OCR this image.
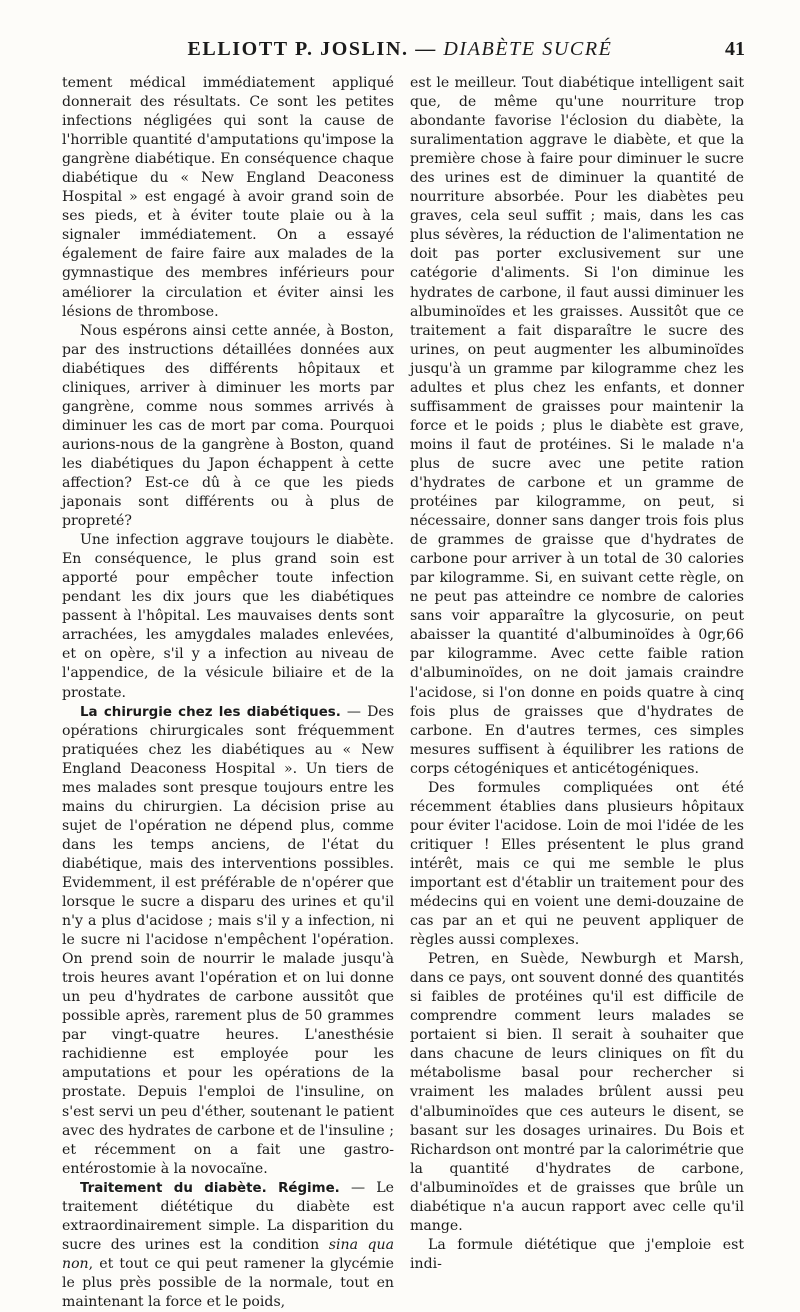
ELLIOTT P. JOSLIN. — DIABÈTE SUCRÉ	41

tement médical immédiatement appliqué donnerait des résultats. Ce sont les petites infections négligées qui sont la cause de l'horrible quantité d'amputations qu'impose la gangrène diabétique. En conséquence chaque diabétique du « New England Deaconess Hospital » est engagé à avoir grand soin de ses pieds, et à éviter toute plaie ou à la signaler immédiatement. On a essayé également de faire faire aux malades de la gymnastique des membres inférieurs pour améliorer la circulation et éviter ainsi les lésions de thrombose.

Nous espérons ainsi cette année, à Boston, par des instructions détaillées données aux diabétiques des différents hôpitaux et cliniques, arriver à diminuer les morts par gangrène, comme nous sommes arrivés à diminuer les cas de mort par coma. Pourquoi aurions-nous de la gangrène à Boston, quand les diabétiques du Japon échappent à cette affection? Est-ce dû à ce que les pieds japonais sont différents ou à plus de propreté?

Une infection aggrave toujours le diabète. En conséquence, le plus grand soin est apporté pour empêcher toute infection pendant les dix jours que les diabétiques passent à l'hôpital. Les mauvaises dents sont arrachées, les amygdales malades enlevées, et on opère, s'il y a infection au niveau de l'appendice, de la vésicule biliaire et de la prostate.

La chirurgie chez les diabétiques. — Des opérations chirurgicales sont fréquemment pratiquées chez les diabétiques au « New England Deaconess Hospital ». Un tiers de mes malades sont presque toujours entre les mains du chirurgien. La décision prise au sujet de l'opération ne dépend plus, comme dans les temps anciens, de l'état du diabétique, mais des interventions possibles. Evidemment, il est préférable de n'opérer que lorsque le sucre a disparu des urines et qu'il n'y a plus d'acidose ; mais s'il y a infection, ni le sucre ni l'acidose n'empêchent l'opération. On prend soin de nourrir le malade jusqu'à trois heures avant l'opération et on lui donne un peu d'hydrates de carbone aussitôt que possible après, rarement plus de 50 grammes par vingt-quatre heures. L'anesthésie rachidienne est employée pour les amputations et pour les opérations de la prostate. Depuis l'emploi de l'insuline, on s'est servi un peu d'éther, soutenant le patient avec des hydrates de carbone et de l'insuline ; et récemment on a fait une gastro-entérostomie à la novocaïne.

Traitement du diabète. Régime. — Le traitement diététique du diabète est extraordinairement simple. La disparition du sucre des urines est la condition sina qua non, et tout ce qui peut ramener la glycémie le plus près possible de la normale, tout en maintenant la force et le poids,

est le meilleur. Tout diabétique intelligent sait que, de même qu'une nourriture trop abondante favorise l'éclosion du diabète, la suralimentation aggrave le diabète, et que la première chose à faire pour diminuer le sucre des urines est de diminuer la quantité de nourriture absorbée. Pour les diabètes peu graves, cela seul suffit ; mais, dans les cas plus sévères, la réduction de l'alimentation ne doit pas porter exclusivement sur une catégorie d'aliments. Si l'on diminue les hydrates de carbone, il faut aussi diminuer les albuminoïdes et les graisses. Aussitôt que ce traitement a fait disparaître le sucre des urines, on peut augmenter les albuminoïdes jusqu'à un gramme par kilogramme chez les adultes et plus chez les enfants, et donner suffisamment de graisses pour maintenir la force et le poids ; plus le diabète est grave, moins il faut de protéines. Si le malade n'a plus de sucre avec une petite ration d'hydrates de carbone et un gramme de protéines par kilogramme, on peut, si nécessaire, donner sans danger trois fois plus de grammes de graisse que d'hydrates de carbone pour arriver à un total de 30 calories par kilogramme. Si, en suivant cette règle, on ne peut pas atteindre ce nombre de calories sans voir apparaître la glycosurie, on peut abaisser la quantité d'albuminoïdes à 0gr,66 par kilogramme. Avec cette faible ration d'albuminoïdes, on ne doit jamais craindre l'acidose, si l'on donne en poids quatre à cinq fois plus de graisses que d'hydrates de carbone. En d'autres termes, ces simples mesures suffisent à équilibrer les rations de corps cétogéniques et anticétogéniques.

Des formules compliquées ont été récemment établies dans plusieurs hôpitaux pour éviter l'acidose. Loin de moi l'idée de les critiquer ! Elles présentent le plus grand intérêt, mais ce qui me semble le plus important est d'établir un traitement pour des médecins qui en voient une demi-douzaine de cas par an et qui ne peuvent appliquer de règles aussi complexes.

Petren, en Suède, Newburgh et Marsh, dans ce pays, ont souvent donné des quantités si faibles de protéines qu'il est difficile de comprendre comment leurs malades se portaient si bien. Il serait à souhaiter que dans chacune de leurs cliniques on fît du métabolisme basal pour rechercher si vraiment les malades brûlent aussi peu d'albuminoïdes que ces auteurs le disent, se basant sur les dosages urinaires. Du Bois et Richardson ont montré par la calorimétrie que la quantité d'hydrates de carbone, d'albuminoïdes et de graisses que brûle un diabétique n'a aucun rapport avec celle qu'il mange.

La formule diététique que j'emploie est indi-
